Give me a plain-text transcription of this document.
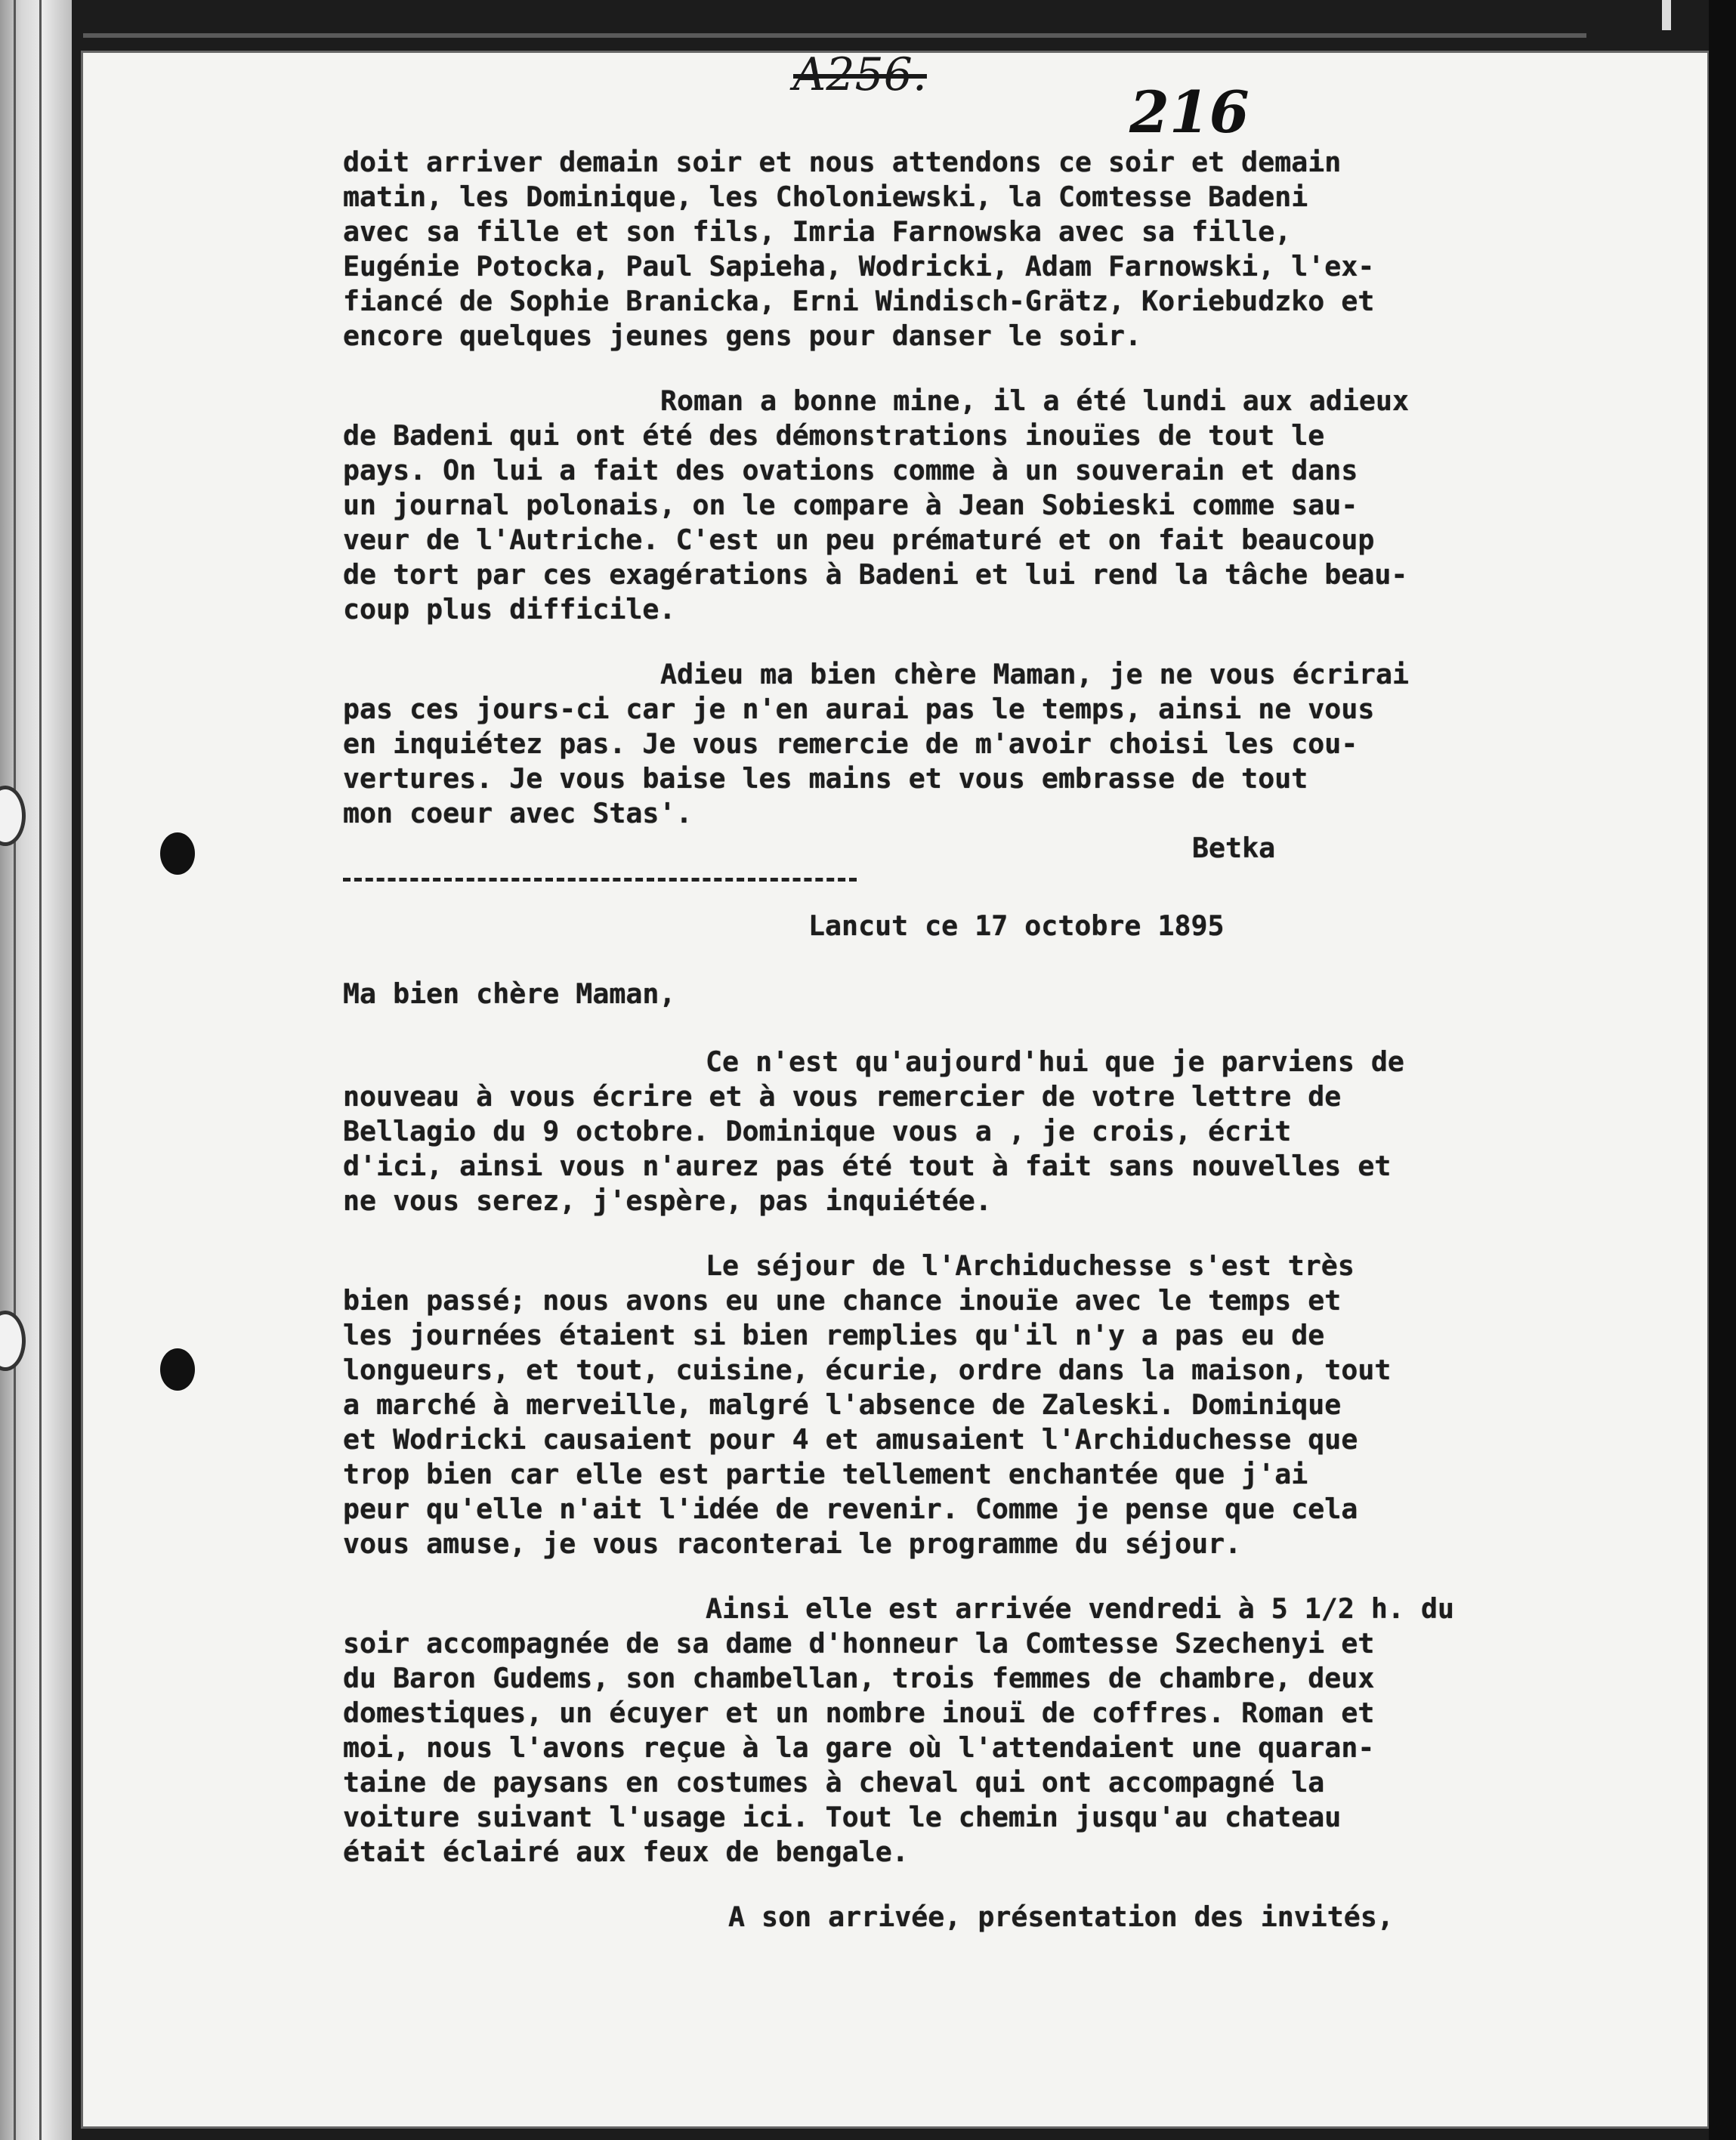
A256.
216
doit arriver demain soir et nous attendons ce soir et demain
matin, les Dominique, les Choloniewski, la Comtesse Badeni
avec sa fille et son fils, Imria Farnowska avec sa fille,
Eugénie Potocka, Paul Sapieha, Wodricki, Adam Farnowski, l'ex-
fiancé de Sophie Branicka, Erni Windisch-Grätz, Koriebudzko et
encore quelques jeunes gens pour danser le soir.
Roman a bonne mine, il a été lundi aux adieux
de Badeni qui ont été des démonstrations inouïes de tout le
pays. On lui a fait des ovations comme à un souverain et dans
un journal polonais, on le compare à Jean Sobieski comme sau-
veur de l'Autriche. C'est un peu prématuré et on fait beaucoup
de tort par ces exagérations à Badeni et lui rend la tâche beau-
coup plus difficile.
Adieu ma bien chère Maman, je ne vous écrirai
pas ces jours-ci car je n'en aurai pas le temps, ainsi ne vous
en inquiétez pas. Je vous remercie de m'avoir choisi les cou-
vertures. Je vous baise les mains et vous embrasse de tout
mon coeur avec Stas'.
Betka
Lancut ce 17 octobre 1895
Ma bien chère Maman,
Ce n'est qu'aujourd'hui que je parviens de
nouveau à vous écrire et à vous remercier de votre lettre de
Bellagio du 9 octobre. Dominique vous a , je crois, écrit
d'ici, ainsi vous n'aurez pas été tout à fait sans nouvelles et
ne vous serez, j'espère, pas inquiétée.
Le séjour de l'Archiduchesse s'est très
bien passé; nous avons eu une chance inouïe avec le temps et
les journées étaient si bien remplies qu'il n'y a pas eu de
longueurs, et tout, cuisine, écurie, ordre dans la maison, tout
a marché à merveille, malgré l'absence de Zaleski. Dominique
et Wodricki causaient pour 4 et amusaient l'Archiduchesse que
trop bien car elle est partie tellement enchantée que j'ai
peur qu'elle n'ait l'idée de revenir. Comme je pense que cela
vous amuse, je vous raconterai le programme du séjour.
Ainsi elle est arrivée vendredi à 5 1/2 h. du
soir accompagnée de sa dame d'honneur la Comtesse Szechenyi et
du Baron Gudems, son chambellan, trois femmes de chambre, deux
domestiques, un écuyer et un nombre inouï de coffres. Roman et
moi, nous l'avons reçue à la gare où l'attendaient une quaran-
taine de paysans en costumes à cheval qui ont accompagné la
voiture suivant l'usage ici. Tout le chemin jusqu'au chateau
était éclairé aux feux de bengale.
A son arrivée, présentation des invités,
